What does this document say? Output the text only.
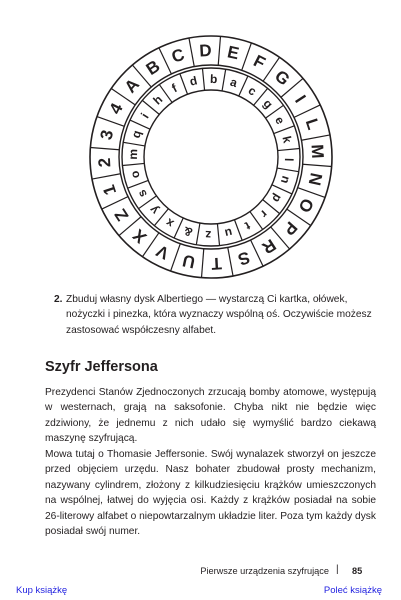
A
B
C D E F
G
I
L
M
N
O
P
R
S
T
U
V
X
Z
1
2
3
4
e
k
l
n
p
r
t
u
z
&
x
y
s
o
m
q
i
h
f d b a
c
g
2. Zbuduj własny dysk Albertiego — wystarczą Ci kartka, ołówek, nożyczki i pinezka, która wyznaczy wspólną oś. Oczywiście możesz zastosować współczesny alfabet.
Szyfr Jeffersona

Prezydenci Stanów Zjednoczonych zrzucają bomby atomowe, występują w westernach, grają na saksofonie. Chyba nikt nie będzie więc zdziwiony, że jednemu z nich udało się wymyślić bardzo ciekawą maszynę szyfrującą.

Mowa tutaj o Thomasie Jeffersonie. Swój wynalazek stworzył on jeszcze przed objęciem urzędu. Nasz bohater zbudował prosty mechanizm, nazywany cylindrem, złożony z kilkudziesięciu krążków umieszczonych na wspólnej, łatwej do wyjęcia osi. Każdy z krążków posiadał na sobie 26-literowy alfabet o niepowtarzalnym układzie liter. Poza tym każdy dysk posiadał swój numer.

Pierwsze urządzenia szyfrujące | 85
Kup książkę	Poleć książkę
